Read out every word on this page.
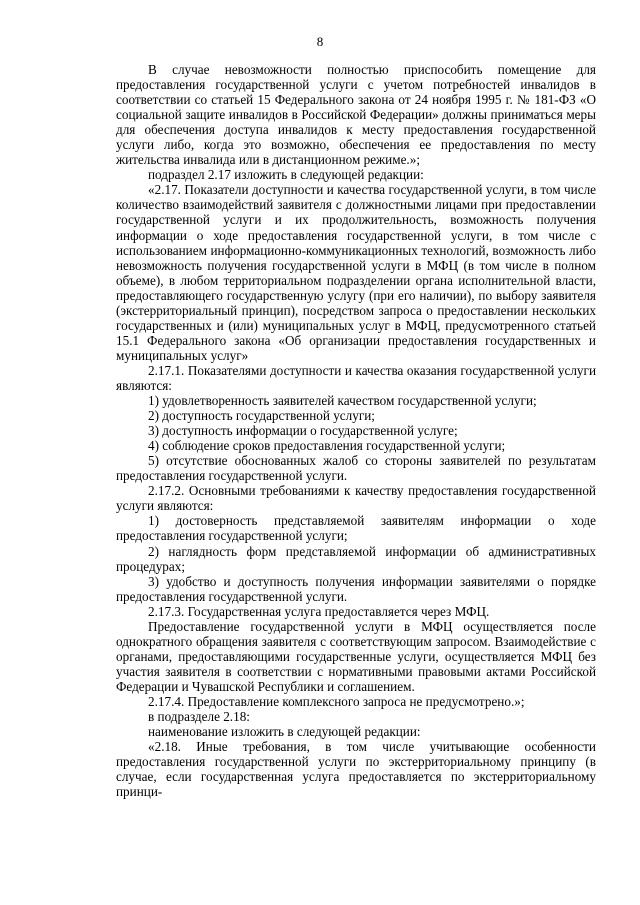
8

В случае невозможности полностью приспособить помещение для предоставления государственной услуги с учетом потребностей инвалидов в соответствии со статьей 15 Федерального закона от 24 ноября 1995 г. № 181-ФЗ «О социальной защите инвалидов в Российской Федерации» должны приниматься меры для обеспечения доступа инвалидов к месту предоставления государственной услуги либо, когда это возможно, обеспечения ее предоставления по месту жительства инвалида или в дистанционном режиме.»;

подраздел 2.17 изложить в следующей редакции:

«2.17. Показатели доступности и качества государственной услуги, в том числе количество взаимодействий заявителя с должностными лицами при предоставлении государственной услуги и их продолжительность, возможность получения информации о ходе предоставления государственной услуги, в том числе с использованием информационно-коммуникационных технологий, возможность либо невозможность получения государственной услуги в МФЦ (в том числе в полном объеме), в любом территориальном подразделении органа исполнительной власти, предоставляющего государственную услугу (при его наличии), по выбору заявителя (экстерриториальный принцип), посредством запроса о предоставлении нескольких государственных и (или) муниципальных услуг в МФЦ, предусмотренного статьей 15.1 Федерального закона «Об организации предоставления государственных и муниципальных услуг»

2.17.1. Показателями доступности и качества оказания государственной услуги являются:

1) удовлетворенность заявителей качеством государственной услуги;

2) доступность государственной услуги;

3) доступность информации о государственной услуге;

4) соблюдение сроков предоставления государственной услуги;

5) отсутствие обоснованных жалоб со стороны заявителей по результатам предоставления государственной услуги.

2.17.2. Основными требованиями к качеству предоставления государственной услуги являются:

1) достоверность представляемой заявителям информации о ходе предоставления государственной услуги;

2) наглядность форм представляемой информации об административных процедурах;

3) удобство и доступность получения информации заявителями о порядке предоставления государственной услуги.

2.17.3. Государственная услуга предоставляется через МФЦ.

Предоставление государственной услуги в МФЦ осуществляется после однократного обращения заявителя с соответствующим запросом. Взаимодействие с органами, предоставляющими государственные услуги, осуществляется МФЦ без участия заявителя в соответствии с нормативными правовыми актами Российской Федерации и Чувашской Республики и соглашением.

2.17.4. Предоставление комплексного запроса не предусмотрено.»;

в подразделе 2.18:

наименование изложить в следующей редакции:

«2.18. Иные требования, в том числе учитывающие особенности предоставления государственной услуги по экстерриториальному принципу (в случае, если государственная услуга предоставляется по экстерриториальному принци-
